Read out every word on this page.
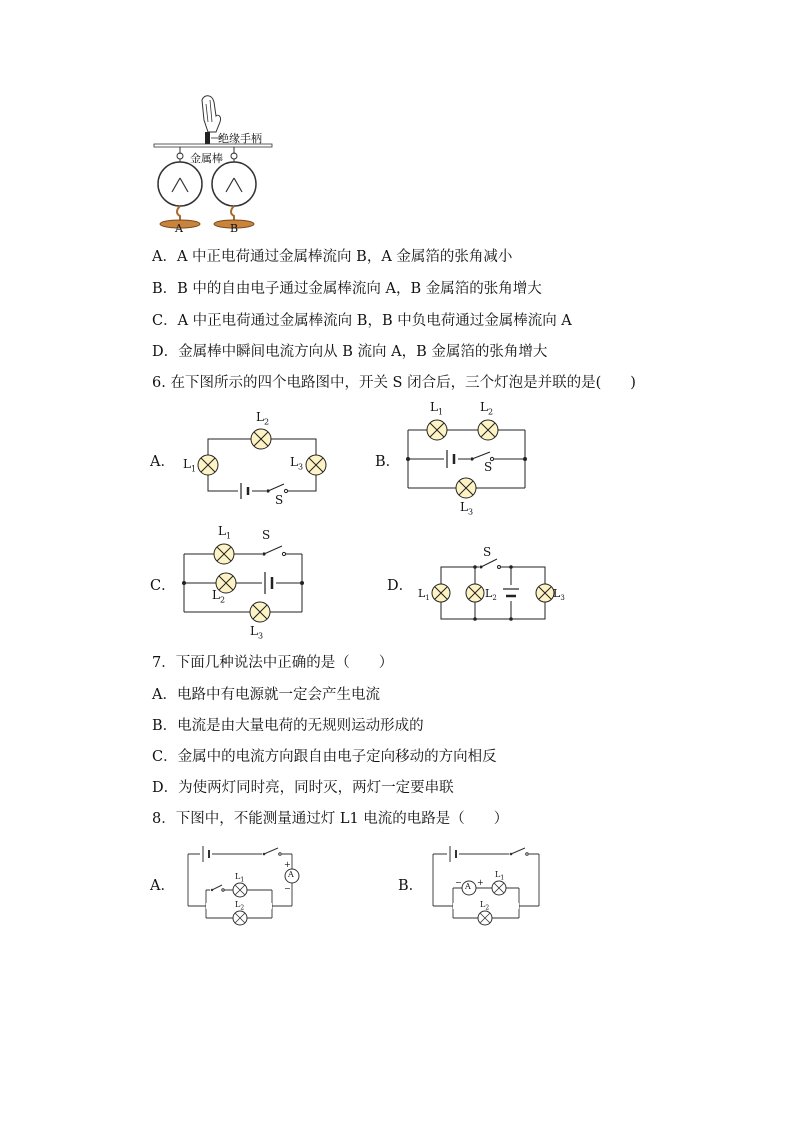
绝缘手柄
金属棒
A	B
A．A 中正电荷通过金属棒流向 B，A 金属箔的张角减小
B．B 中的自由电子通过金属棒流向 A，B 金属箔的张角增大
C．A 中正电荷通过金属棒流向 B，B 中负电荷通过金属棒流向 A
D．金属棒中瞬间电流方向从 B 流向 A，B 金属箔的张角增大
6. 在下图所示的四个电路图中，开关 S 闭合后，三个灯泡是并联的是(　　)
A．
$L_2$
$L_1$	$L_3$
S
B．
$L_1$	$L_2$
S
$L_3$
C．
$L_1$	S
$L_2$
$L_3$
D．
S
$L_1$	$L_2$	$L_3$
7．下面几种说法中正确的是（　　）
A．电路中有电源就一定会产生电流
B．电流是由大量电荷的无规则运动形成的
C．金属中的电流方向跟自由电子定向移动的方向相反
D．为使两灯同时亮，同时灭，两灯一定要串联
8．下图中，不能测量通过灯 L1 电流的电路是（　　）
A．
A
+
−
$L_1$
$L_2$
B．	A
− +
$L_1$
$L_2$
